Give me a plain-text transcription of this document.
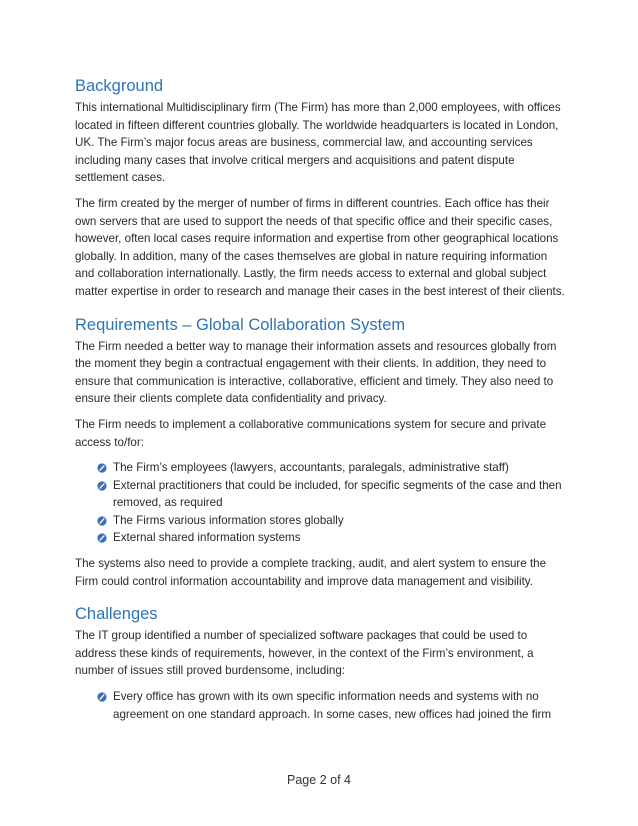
Background

This international Multidisciplinary firm (The Firm) has more than 2,000 employees, with offices located in fifteen different countries globally. The worldwide headquarters is located in London, UK. The Firm’s major focus areas are business, commercial law, and accounting services including many cases that involve critical mergers and acquisitions and patent dispute settlement cases.

The firm created by the merger of number of firms in different countries. Each office has their own servers that are used to support the needs of that specific office and their specific cases, however, often local cases require information and expertise from other geographical locations globally. In addition, many of the cases themselves are global in nature requiring information and collaboration internationally. Lastly, the firm needs access to external and global subject matter expertise in order to research and manage their cases in the best interest of their clients.

Requirements – Global Collaboration System

The Firm needed a better way to manage their information assets and resources globally from the moment they begin a contractual engagement with their clients. In addition, they need to ensure that communication is interactive, collaborative, efficient and timely. They also need to ensure their clients complete data confidentiality and privacy.

The Firm needs to implement a collaborative communications system for secure and private access to/for:

The Firm’s employees (lawyers, accountants, paralegals, administrative staff)
External practitioners that could be included, for specific segments of the case and then removed, as required
The Firms various information stores globally
External shared information systems

The systems also need to provide a complete tracking, audit, and alert system to ensure the Firm could control information accountability and improve data management and visibility.

Challenges

The IT group identified a number of specialized software packages that could be used to address these kinds of requirements, however, in the context of the Firm’s environment, a number of issues still proved burdensome, including:

Every office has grown with its own specific information needs and systems with no agreement on one standard approach. In some cases, new offices had joined the firm
Page 2 of 4
